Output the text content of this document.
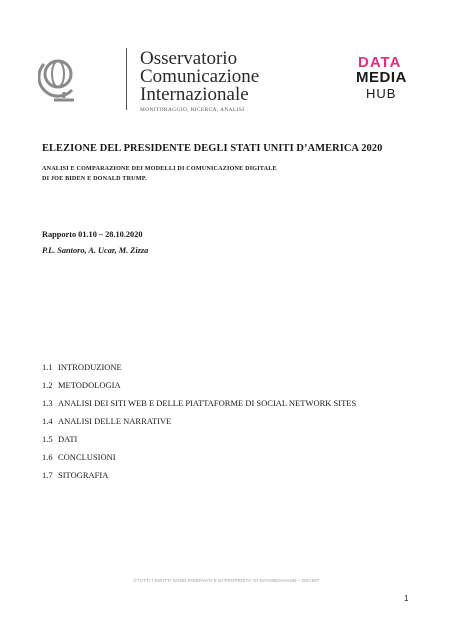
Osservatorio
Comunicazione
Internazionale
MONITORAGGIO, RICERCA, ANALISI
DATA
MEDIA
HUB
ELEZIONE DEL PRESIDENTE DEGLI STATI UNITI D’AMERICA 2020
ANALISI E COMPARAZIONE DEI MODELLI DI COMUNICAZIONE DIGITALE
DI JOE BIDEN E DONALD TRUMP.
Rapporto 01.10 – 28.10.2020
P.L. Santoro, A. Ucar, M. Zizza
1.1 INTRODUZIONE
1.2 METODOLOGIA
1.3 ANALISI DEI SITI WEB E DELLE PIATTAFORME DI SOCIAL NETWORK SITES
1.4 ANALISI DELLE NARRATIVE
1.5 DATI
1.6 CONCLUSIONI
1.7 SITOGRAFIA
©TUTTI I DIRITTI SONO RISERVATI E DI PROPRIETA’ DI DATAMEDIAHUB – OSCINT
1
